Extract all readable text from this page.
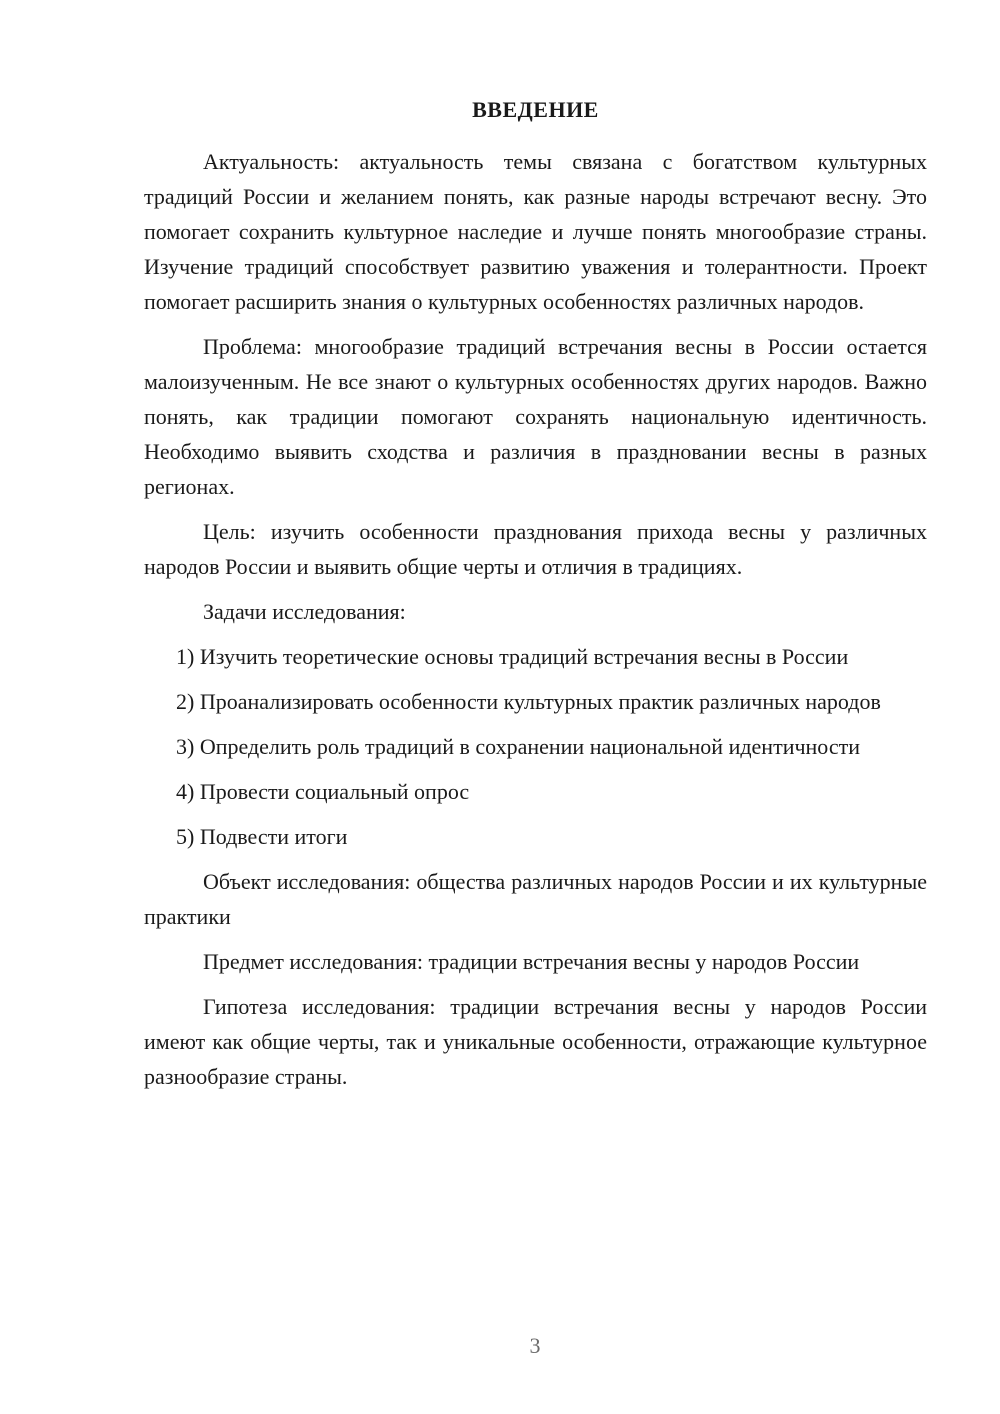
ВВЕДЕНИЕ

Актуальность: актуальность темы связана с богатством культурных традиций России и желанием понять, как разные народы встречают весну. Это помогает сохранить культурное наследие и лучше понять многообразие страны. Изучение традиций способствует развитию уважения и толерантности. Проект помогает расширить знания о культурных особенностях различных народов.

Проблема: многообразие традиций встречания весны в России остается малоизученным. Не все знают о культурных особенностях других народов. Важно понять, как традиции помогают сохранять национальную идентичность. Необходимо выявить сходства и различия в праздновании весны в разных регионах.

Цель: изучить особенности празднования прихода весны у различных народов России и выявить общие черты и отличия в традициях.

Задачи исследования:

1) Изучить теоретические основы традиций встречания весны в России

2) Проанализировать особенности культурных практик различных народов

3) Определить роль традиций в сохранении национальной идентичности

4) Провести социальный опрос

5) Подвести итоги

Объект исследования: общества различных народов России и их культурные практики

Предмет исследования: традиции встречания весны у народов России

Гипотеза исследования: традиции встречания весны у народов России имеют как общие черты, так и уникальные особенности, отражающие культурное разнообразие страны.

3
